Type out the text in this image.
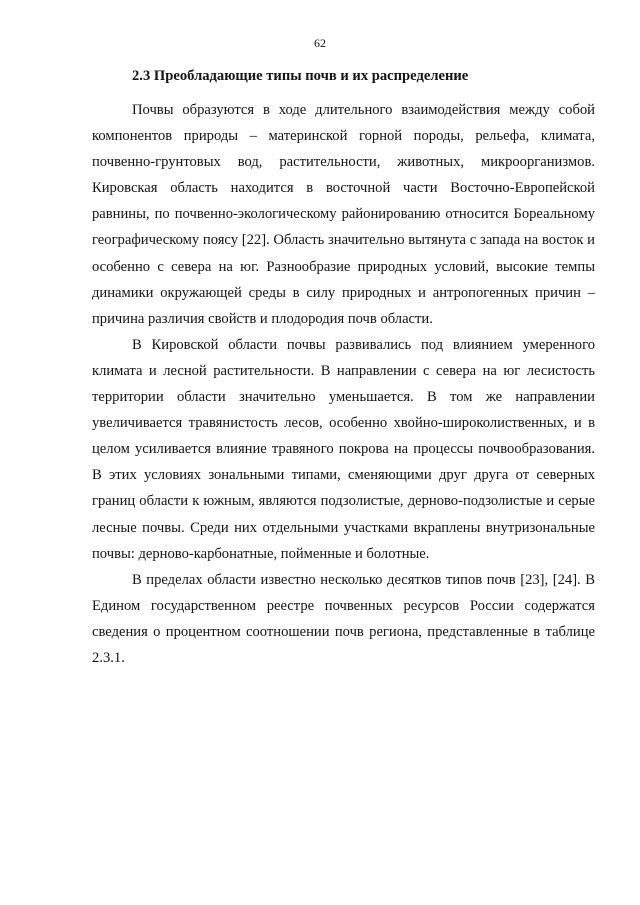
62
2.3 Преобладающие типы почв и их распределение

Почвы образуются в ходе длительного взаимодействия между собой компонентов природы – материнской горной породы, рельефа, климата, почвенно-грунтовых вод, растительности, животных, микроорганизмов. Кировская область находится в восточной части Восточно-Европейской равнины, по почвенно-экологическому районированию относится Бореальному географическому поясу [22]. Область значительно вытянута с запада на восток и особенно с севера на юг. Разнообразие природных условий, высокие темпы динамики окружающей среды в силу природных и антропогенных причин – причина различия свойств и плодородия почв области.

В Кировской области почвы развивались под влиянием умеренного климата и лесной растительности. В направлении с севера на юг лесистость территории области значительно уменьшается. В том же направлении увеличивается травянистость лесов, особенно хвойно-широколиственных, и в целом усиливается влияние травяного покрова на процессы почвообразования. В этих условиях зональными типами, сменяющими друг друга от северных границ области к южным, являются подзолистые, дерново-подзолистые и серые лесные почвы. Среди них отдельными участками вкраплены внутризональные почвы: дерново-карбонатные, пойменные и болотные.

В пределах области известно несколько десятков типов почв [23], [24]. В Едином государственном реестре почвенных ресурсов России содержатся сведения о процентном соотношении почв региона, представленные в таблице 2.3.1.
